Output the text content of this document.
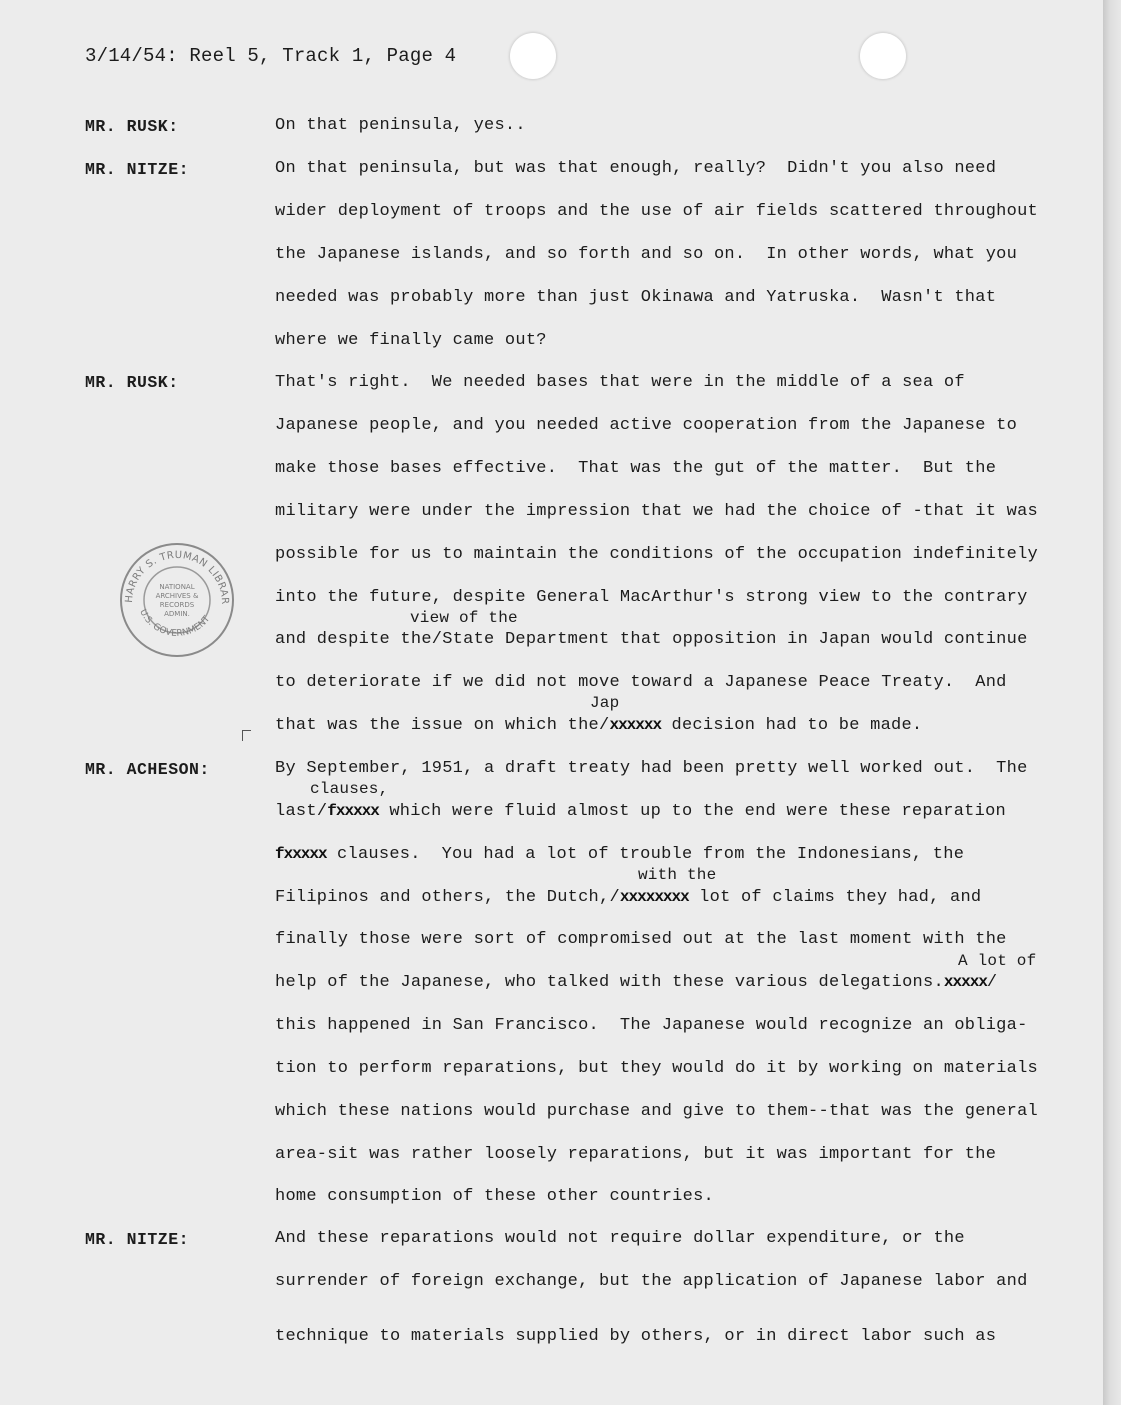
3/14/54: Reel 5, Track 1, Page 4
HARRY S. TRUMAN LIBRAR
U.S. GOVERNMENT
NATIONAL
ARCHIVES &
RECORDS
ADMIN.
MR. RUSK:
MR. NITZE:
MR. RUSK:
MR. ACHESON:
MR. NITZE:
On that peninsula, yes..
On that peninsula, but was that enough, really?  Didn't you also need
wider deployment of troops and the use of air fields scattered throughout
the Japanese islands, and so forth and so on.  In other words, what you
needed was probably more than just Okinawa and Yatruska.  Wasn't that
where we finally came out?
That's right.  We needed bases that were in the middle of a sea of
Japanese people, and you needed active cooperation from the Japanese to
make those bases effective.  That was the gut of the matter.  But the
military were under the impression that we had the choice of -that it was
possible for us to maintain the conditions of the occupation indefinitely
into the future, despite General MacArthur's strong view to the contrary
view of the
and despite the/State Department that opposition in Japan would continue
to deteriorate if we did not move toward a Japanese Peace Treaty.  And
Jap
that was the issue on which the/xxxxxx decision had to be made.
By September, 1951, a draft treaty had been pretty well worked out.  The
clauses,
last/fxxxxx which were fluid almost up to the end were these reparation
fxxxxx clauses.  You had a lot of trouble from the Indonesians, the
with the
Filipinos and others, the Dutch,/xxxxxxxx lot of claims they had, and
finally those were sort of compromised out at the last moment with the
A lot of
help of the Japanese, who talked with these various delegations.xxxxx/
this happened in San Francisco.  The Japanese would recognize an obliga-
tion to perform reparations, but they would do it by working on materials
which these nations would purchase and give to them--that was the general
area-sit was rather loosely reparations, but it was important for the
home consumption of these other countries.
And these reparations would not require dollar expenditure, or the
surrender of foreign exchange, but the application of Japanese labor and
technique to materials supplied by others, or in direct labor such as
